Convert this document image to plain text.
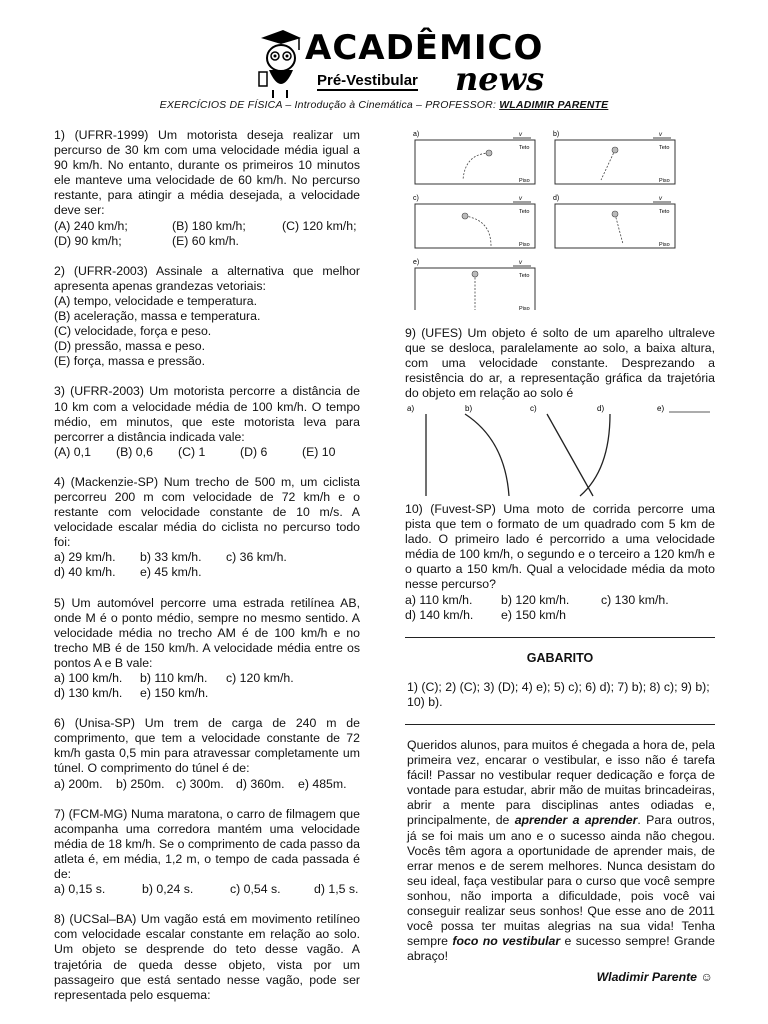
ACADÊMICO
Pré-Vestibular news
EXERCÍCIOS DE FÍSICA – Introdução à Cinemática – PROFESSOR: WLADIMIR PARENTE

1) (UFRR-1999) Um motorista deseja realizar um percurso de 30 km com uma velocidade média igual a 90 km/h. No entanto, durante os primeiros 10 minutos ele manteve uma velocidade de 60 km/h. No percurso restante, para atingir a média desejada, a velocidade deve ser:

(A) 240 km/h;	(B) 180 km/h;	(C) 120 km/h;
(D) 90 km/h;	(E) 60 km/h.

2) (UFRR-2003) Assinale a alternativa que melhor apresenta apenas grandezas vetoriais:

(A) tempo, velocidade e temperatura.
(B) aceleração, massa e temperatura.
(C) velocidade, força e peso.
(D) pressão, massa e peso.
(E) força, massa e pressão.

3) (UFRR-2003) Um motorista percorre a distância de 10 km com a velocidade média de 100 km/h. O tempo médio, em minutos, que este motorista leva para percorrer a distância indicada vale:

(A) 0,1	(B) 0,6	(C) 1	(D) 6	(E) 10

4) (Mackenzie-SP) Num trecho de 500 m, um ciclista percorreu 200 m com velocidade de 72 km/h e o restante com velocidade constante de 10 m/s. A velocidade escalar média do ciclista no percurso todo foi:

a) 29 km/h.	b) 33 km/h.	c) 36 km/h.
d) 40 km/h.	e) 45 km/h.

5) Um automóvel percorre uma estrada retilínea AB, onde M é o ponto médio, sempre no mesmo sentido. A velocidade média no trecho AM é de 100 km/h e no trecho MB é de 150 km/h. A velocidade média entre os pontos A e B vale:

a) 100 km/h.	b) 110 km/h.	c) 120 km/h.
d) 130 km/h.	e) 150 km/h.

6) (Unisa-SP) Um trem de carga de 240 m de comprimento, que tem a velocidade constante de 72 km/h gasta 0,5 min para atravessar completamente um túnel. O comprimento do túnel é de:

a) 200m.	b) 250m. c) 300m. d) 360m.	e) 485m.

7) (FCM-MG) Numa maratona, o carro de filmagem que acompanha uma corredora mantém uma velocidade média de 18 km/h. Se o comprimento de cada passo da atleta é, em média, 1,2 m, o tempo de cada passada é de:

a) 0,15 s.	b) 0,24 s.	c) 0,54 s.	d) 1,5 s.

8) (UCSal–BA) Um vagão está em movimento retilíneo com velocidade escalar constante em relação ao solo. Um objeto se desprende do teto desse vagão. A trajetória de queda desse objeto, vista por um passageiro que está sentado nesse vagão, pode ser representada pelo esquema:

a)	v
Teto
Piso
b)	v
Teto
Piso
c)	v
Teto
Piso
d)	v
Teto
Piso
e)	v
Teto
Piso

9) (UFES) Um objeto é solto de um aparelho ultraleve que se desloca, paralelamente ao solo, a baixa altura, com uma velocidade constante. Desprezando a resistência do ar, a representação gráfica da trajetória do objeto em relação ao solo é

a)	b)	c)	d)	e)

10) (Fuvest-SP) Uma moto de corrida percorre uma pista que tem o formato de um quadrado com 5 km de lado. O primeiro lado é percorrido a uma velocidade média de 100 km/h, o segundo e o terceiro a 120 km/h e o quarto a 150 km/h. Qual a velocidade média da moto nesse percurso?

a) 110 km/h.	b) 120 km/h.	c) 130 km/h.
d) 140 km/h.	e) 150 km/h
GABARITO
1) (C); 2) (C); 3) (D); 4) e); 5) c); 6) d); 7) b); 8) c); 9) b); 10) b).
Queridos alunos, para muitos é chegada a hora de, pela primeira vez, encarar o vestibular, e isso não é tarefa fácil! Passar no vestibular requer dedicação e força de vontade para estudar, abrir mão de muitas brincadeiras, abrir a mente para disciplinas antes odiadas e, principalmente, de aprender a aprender. Para outros, já se foi mais um ano e o sucesso ainda não chegou. Vocês têm agora a oportunidade de aprender mais, de errar menos e de serem melhores. Nunca desistam do seu ideal, faça vestibular para o curso que você sempre sonhou, não importa a dificuldade, pois você vai conseguir realizar seus sonhos! Que esse ano de 2011 você possa ter muitas alegrias na sua vida! Tenha sempre foco no vestibular e sucesso sempre! Grande abraço!
Wladimir Parente ☺
